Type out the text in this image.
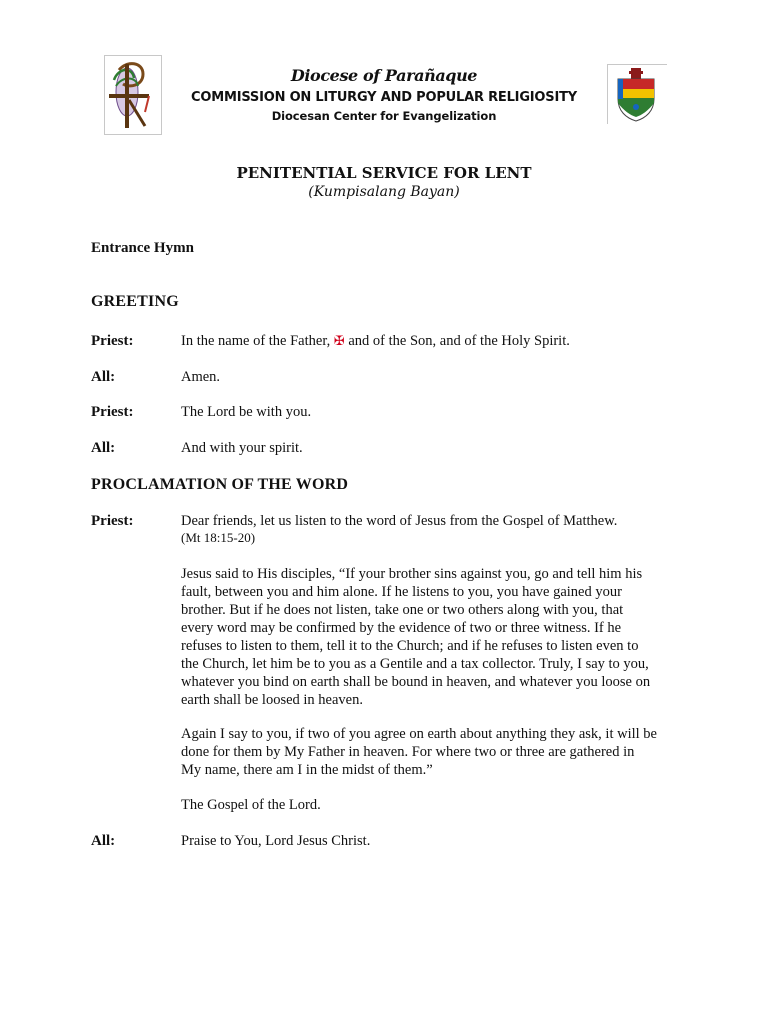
Diocese of Parañaque
COMMISSION ON LITURGY AND POPULAR RELIGIOSITY
Diocesan Center for Evangelization
PENITENTIAL SERVICE FOR LENT
(Kumpisalang Bayan)
Entrance Hymn
GREETING
Priest:	In the name of the Father, ✠ and of the Son, and of the Holy Spirit.
All:	Amen.
Priest:	The Lord be with you.
All:	And with your spirit.
PROCLAMATION OF THE WORD
Priest:	Dear friends, let us listen to the word of Jesus from the Gospel of Matthew.
(Mt 18:15-20)
Jesus said to His disciples, “If your brother sins against you, go and tell him his
fault, between you and him alone. If he listens to you, you have gained your
brother. But if he does not listen, take one or two others along with you, that
every word may be confirmed by the evidence of two or three witness. If he
refuses to listen to them, tell it to the Church; and if he refuses to listen even to
the Church, let him be to you as a Gentile and a tax collector. Truly, I say to you,
whatever you bind on earth shall be bound in heaven, and whatever you loose on
earth shall be loosed in heaven.
Again I say to you, if two of you agree on earth about anything they ask, it will be
done for them by My Father in heaven. For where two or three are gathered in
My name, there am I in the midst of them.”
The Gospel of the Lord.
All:	Praise to You, Lord Jesus Christ.
